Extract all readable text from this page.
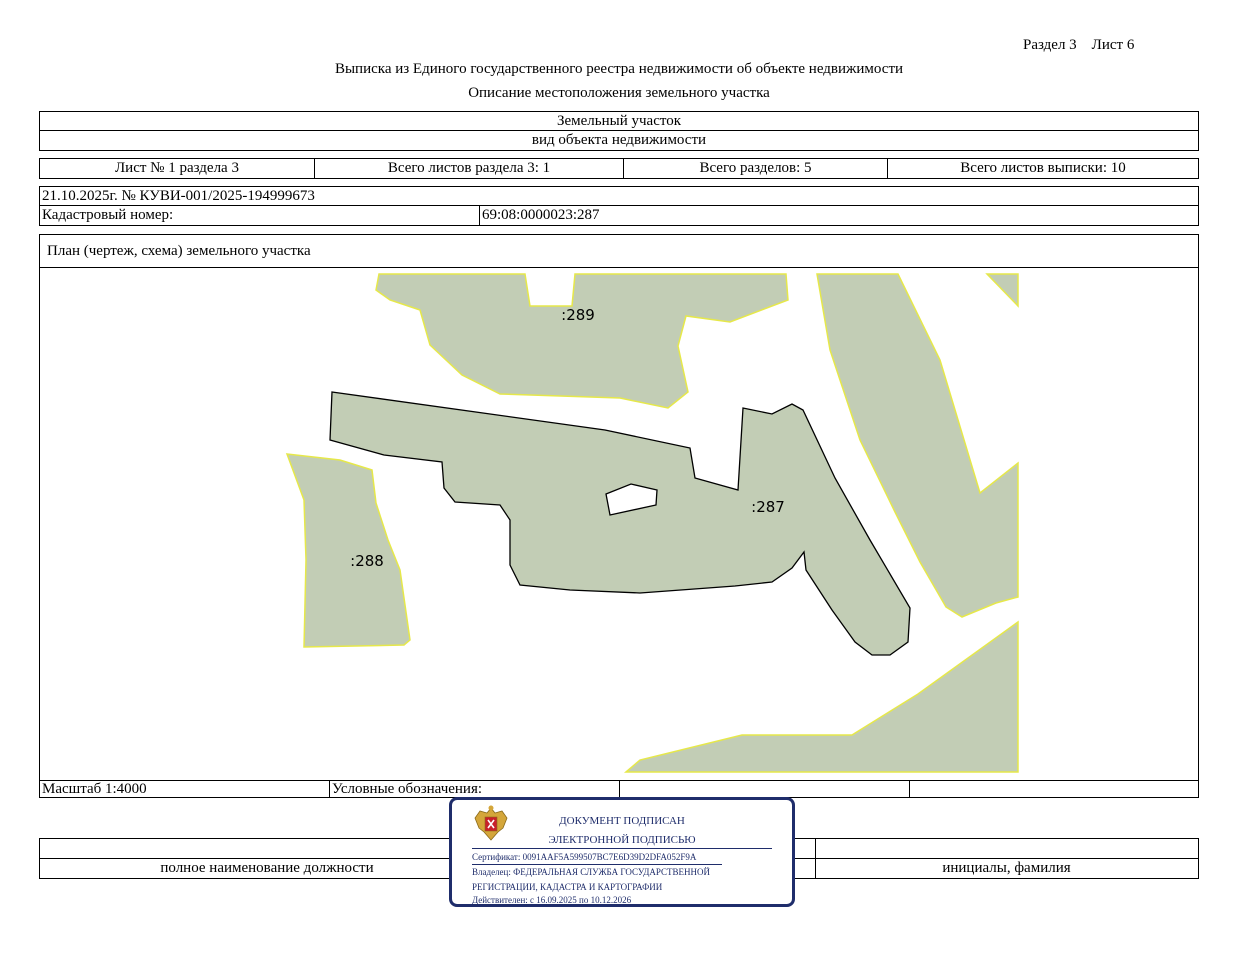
Раздел 3    Лист 6
Выписка из Единого государственного реестра недвижимости об объекте недвижимости
Описание местоположения земельного участка
Земельный участок
вид объекта недвижимости
Лист № 1 раздела 3	Всего листов раздела 3: 1	Всего разделов: 5	Всего листов выписки: 10
21.10.2025г. № КУВИ-001/2025-194999673
Кадастровый номер:	69:08:0000023:287
План (чертеж, схема) земельного участка
:289
:288
:287
Масштаб 1:4000	Условные обозначения:
полное наименование должности	инициалы, фамилия
ДОКУМЕНТ ПОДПИСАН
ЭЛЕКТРОННОЙ ПОДПИСЬЮ
Сертификат: 0091AAF5A599507BC7E6D39D2DFA052F9A
Владелец: ФЕДЕРАЛЬНАЯ СЛУЖБА ГОСУДАРСТВЕННОЙ
РЕГИСТРАЦИИ, КАДАСТРА И КАРТОГРАФИИ
Действителен: с 16.09.2025 по 10.12.2026
